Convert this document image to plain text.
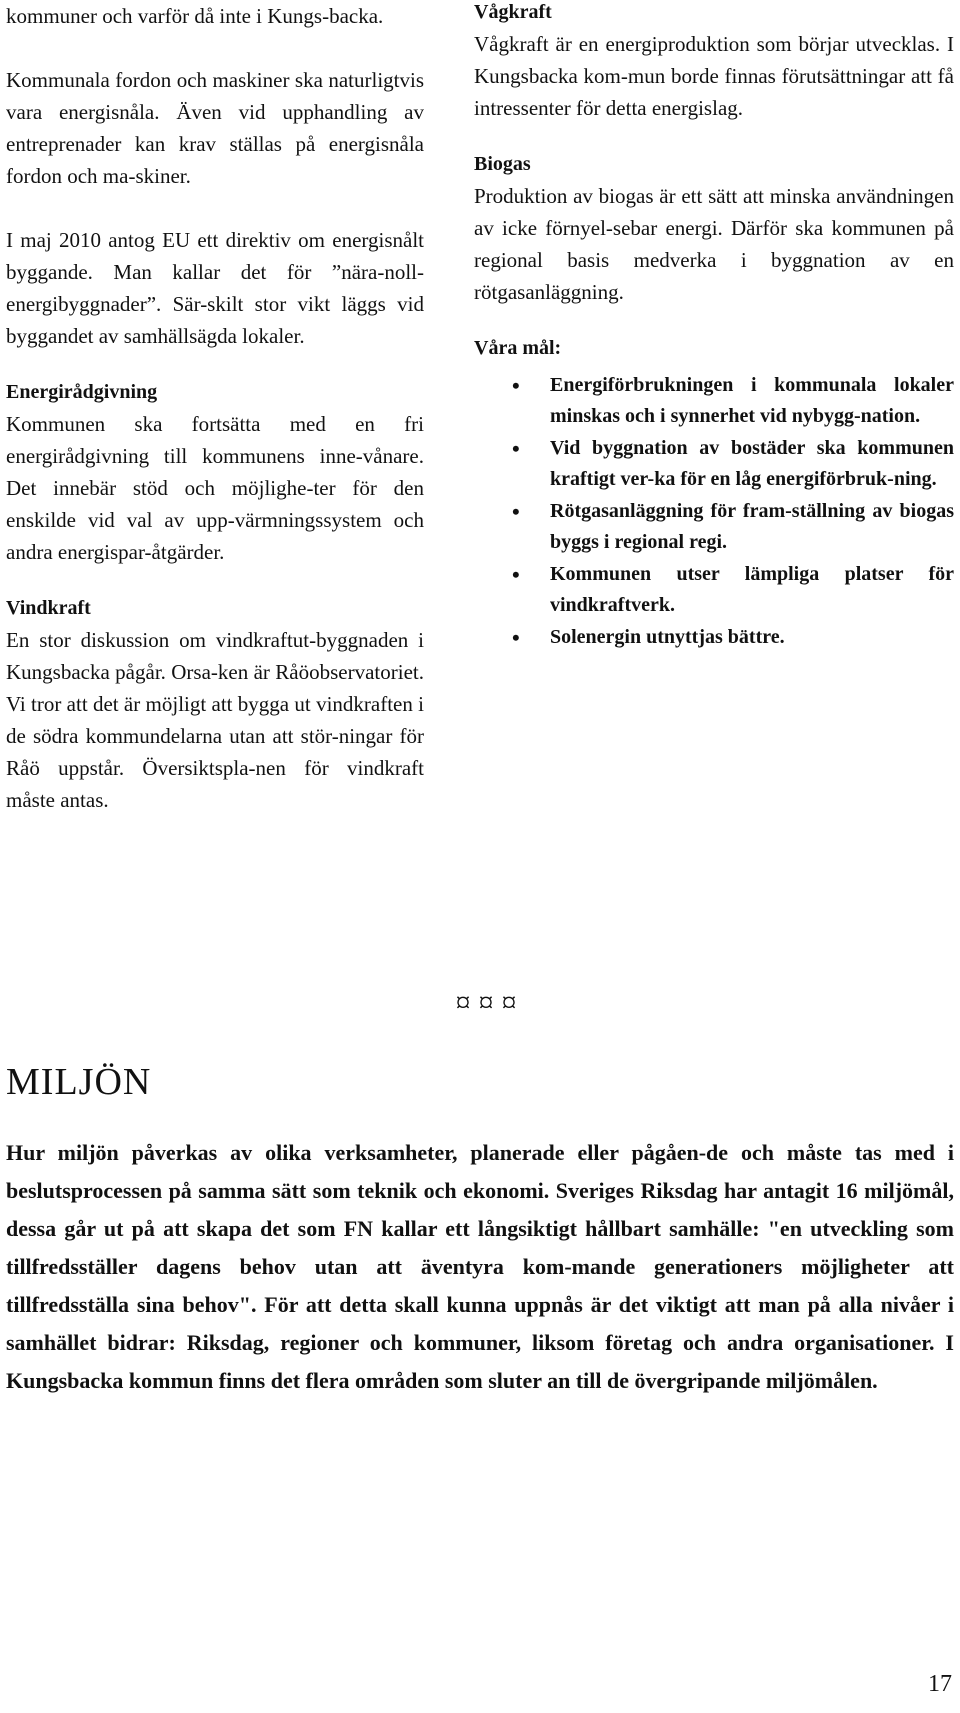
kommuner och varför då inte i Kungs-backa.

Kommunala fordon och maskiner ska naturligtvis vara energisnåla. Även vid upphandling av entreprenader kan krav ställas på energisnåla fordon och ma-skiner.

I maj 2010 antog EU ett direktiv om energisnålt byggande. Man kallar det för ”nära-noll-energibyggnader”. Sär-skilt stor vikt läggs vid byggandet av samhällsägda lokaler.

Energirådgivning

Kommunen ska fortsätta med en fri energirådgivning till kommunens inne-vånare. Det innebär stöd och möjlighe-ter för den enskilde vid val av upp-värmningssystem och andra energispar-åtgärder.

Vindkraft

En stor diskussion om vindkraftut-byggnaden i Kungsbacka pågår. Orsa-ken är Råöobservatoriet. Vi tror att det är möjligt att bygga ut vindkraften i de södra kommundelarna utan att stör-ningar för Råö uppstår. Översiktspla-nen för vindkraft måste antas.

Vågkraft

Vågkraft är en energiproduktion som börjar utvecklas. I Kungsbacka kom-mun borde finnas förutsättningar att få intressenter för detta energislag.

Biogas

Produktion av biogas är ett sätt att minska användningen av icke förnyel-sebar energi. Därför ska kommunen på regional basis medverka i byggnation av en rötgasanläggning.

Våra mål:
• Energiförbrukningen i kommunala lokaler minskas och i synnerhet vid nybygg-nation.
• Vid byggnation av bostäder ska kommunen kraftigt ver-ka för en låg energiförbruk-ning.
• Rötgasanläggning för fram-ställning av biogas byggs i regional regi.
• Kommunen utser lämpliga platser för vindkraftverk.
• Solenergin utnyttjas bättre.
¤¤¤
MILJÖN

Hur miljön påverkas av olika verksamheter, planerade eller pågåen-de och måste tas med i beslutsprocessen på samma sätt som teknik och ekonomi. Sveriges Riksdag har antagit 16 miljömål, dessa går ut på att skapa det som FN kallar ett långsiktigt hållbart samhälle: "en utveckling som tillfredsställer dagens behov utan att äventyra kom-mande generationers möjligheter att tillfredsställa sina behov". För att detta skall kunna uppnås är det viktigt att man på alla nivåer i samhället bidrar: Riksdag, regioner och kommuner, liksom företag och andra organisationer. I Kungsbacka kommun finns det flera områden som sluter an till de övergripande miljömålen.

17
